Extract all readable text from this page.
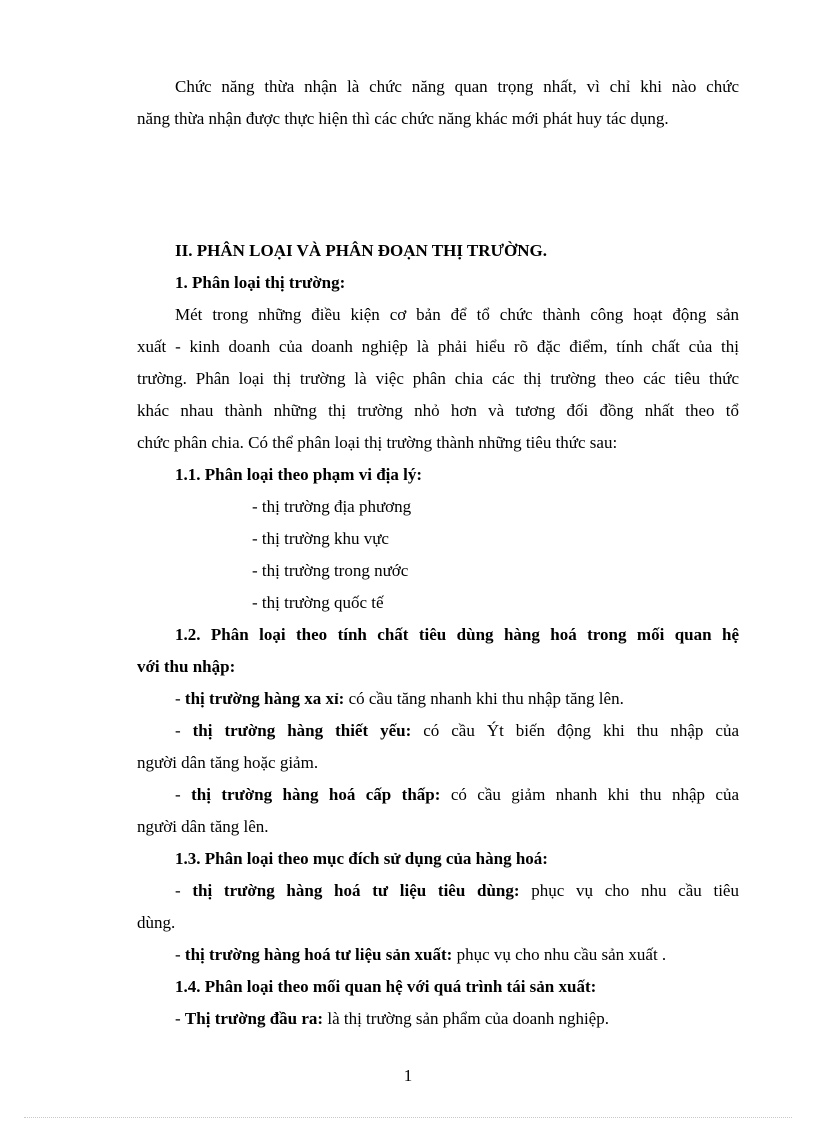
Chức năng thừa nhận là chức năng quan trọng nhất, vì chỉ khi nào chức

năng thừa nhận được thực hiện thì các chức năng khác mới phát huy tác dụng.

II. PHÂN LOẠI VÀ PHÂN ĐOẠN THỊ TRƯỜNG.

1. Phân loại thị trường:

Mét trong những điều kiện cơ bản để tổ chức thành công hoạt động sản

xuất - kinh doanh của doanh nghiệp là phải hiểu rõ đặc điểm, tính chất của thị

trường. Phân loại thị trường là việc phân chia các thị trường theo các tiêu thức

khác nhau thành những thị trường nhỏ hơn và tương đối đồng nhất theo tổ

chức phân chia. Có thể phân loại thị trường thành những tiêu thức sau:

1.1. Phân loại theo phạm vi địa lý:

- thị trường địa phương

- thị trường khu vực

- thị trường trong nước

- thị trường quốc tế

1.2. Phân loại theo tính chất tiêu dùng hàng hoá trong mối quan hệ

với thu nhập:

- thị trường hàng xa xỉ: có cầu tăng nhanh khi thu nhập tăng lên.

- thị trường hàng thiết yếu: có cầu Ýt biến động khi thu nhập của

người dân tăng hoặc giảm.

- thị trường hàng hoá cấp thấp: có cầu giảm nhanh khi thu nhập của

người dân tăng lên.

1.3. Phân loại theo mục đích sử dụng của hàng hoá:

- thị trường hàng hoá tư liệu tiêu dùng: phục vụ cho nhu cầu tiêu

dùng.

- thị trường hàng hoá tư liệu sản xuất: phục vụ cho nhu cầu sản xuất .

1.4. Phân loại theo mối quan hệ với quá trình tái sản xuất:

- Thị trường đầu ra: là thị trường sản phẩm của doanh nghiệp.

1
